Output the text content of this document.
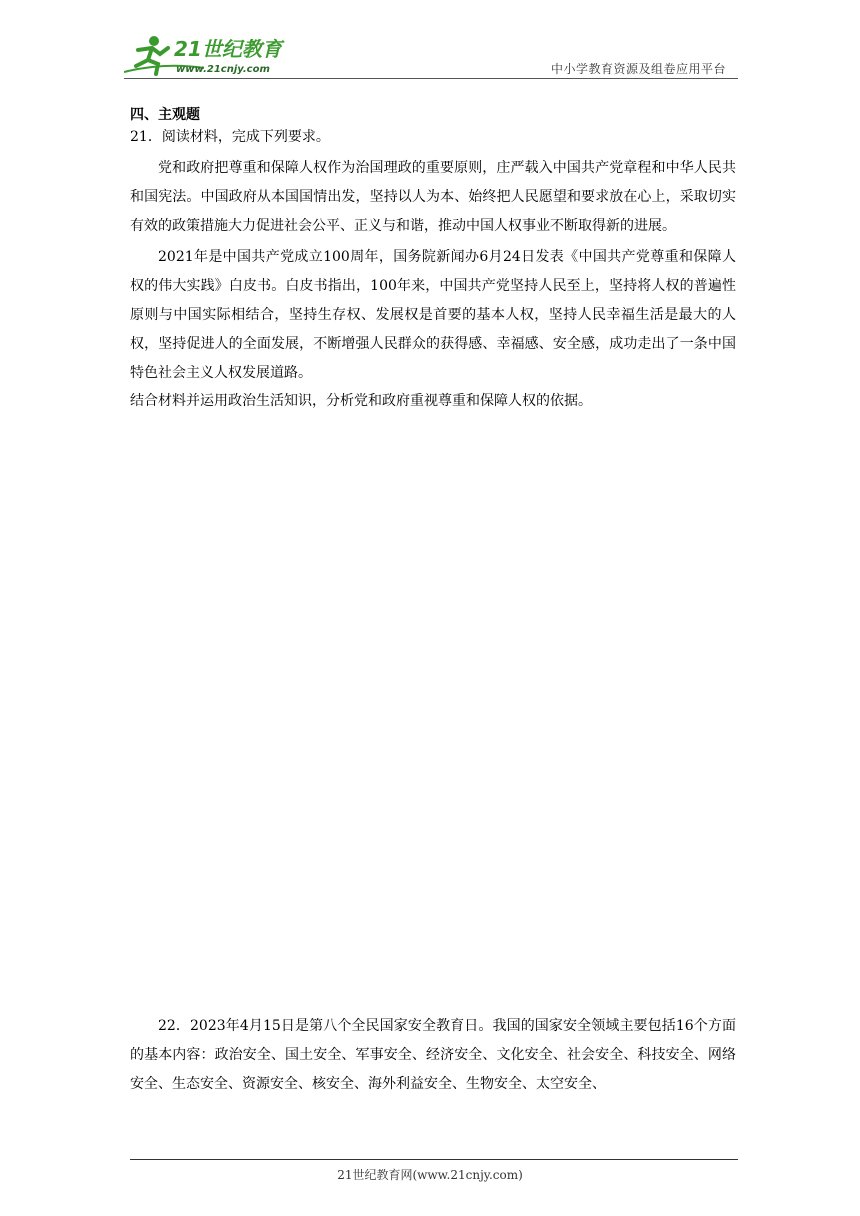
21世纪教育
www.21cnjy.com	中小学教育资源及组卷应用平台

四、主观题

21．阅读材料，完成下列要求。

党和政府把尊重和保障人权作为治国理政的重要原则，庄严载入中国共产党章程和中华人民共和国宪法。中国政府从本国国情出发，坚持以人为本、始终把人民愿望和要求放在心上，采取切实有效的政策措施大力促进社会公平、正义与和谐，推动中国人权事业不断取得新的进展。

2021年是中国共产党成立100周年，国务院新闻办6月24日发表《中国共产党尊重和保障人权的伟大实践》白皮书。白皮书指出，100年来，中国共产党坚持人民至上，坚持将人权的普遍性原则与中国实际相结合，坚持生存权、发展权是首要的基本人权，坚持人民幸福生活是最大的人权，坚持促进人的全面发展，不断增强人民群众的获得感、幸福感、安全感，成功走出了一条中国特色社会主义人权发展道路。

结合材料并运用政治生活知识，分析党和政府重视尊重和保障人权的依据。

22．2023年4月15日是第八个全民国家安全教育日。我国的国家安全领域主要包括16个方面的基本内容：政治安全、国土安全、军事安全、经济安全、文化安全、社会安全、科技安全、网络安全、生态安全、资源安全、核安全、海外利益安全、生物安全、太空安全、

21世纪教育网(www.21cnjy.com)
